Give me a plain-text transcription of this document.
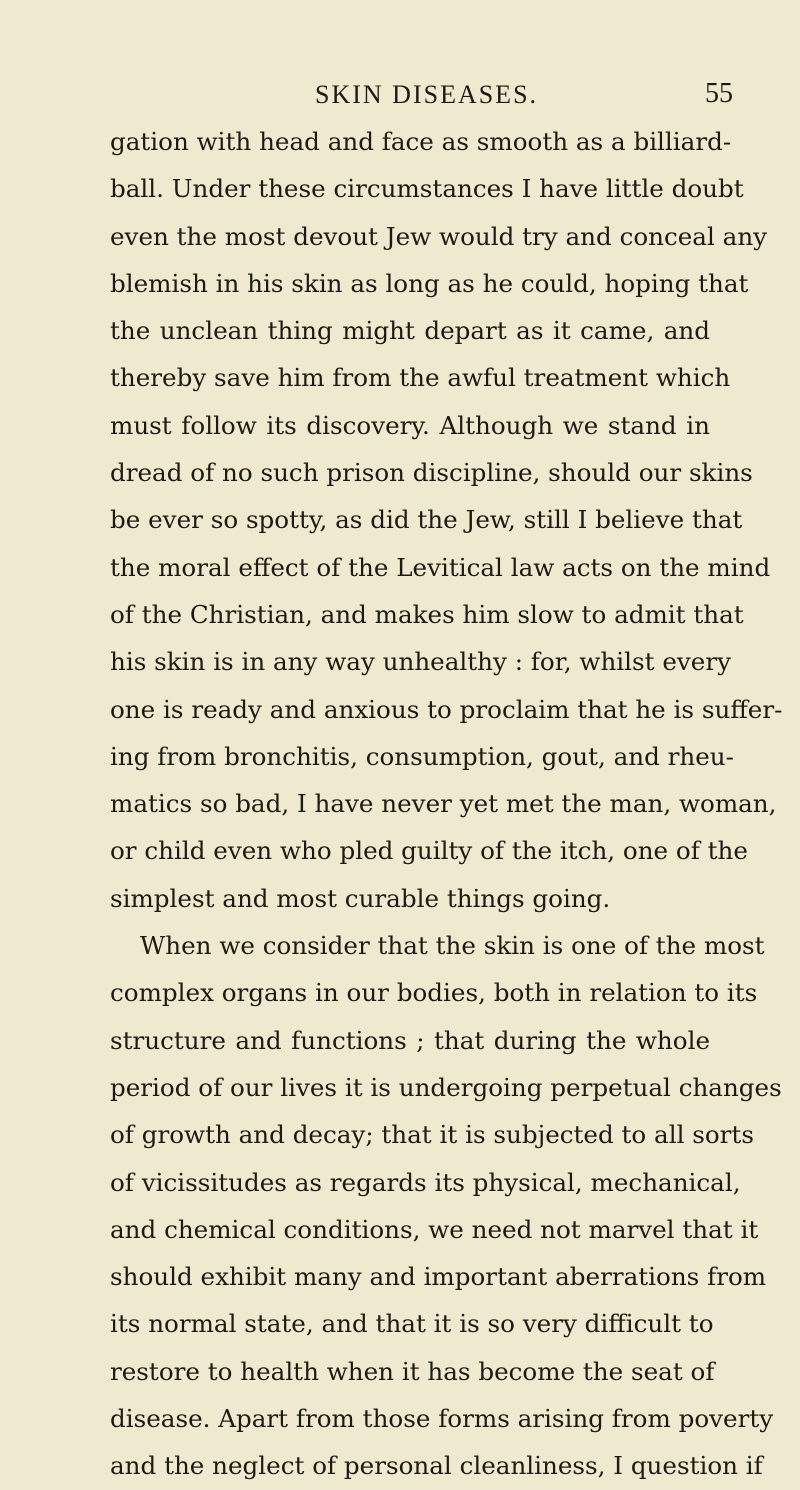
SKIN DISEASES.	55
gation with head and face as smooth as a billiard-
ball. Under these circumstances I have little doubt
even the most devout Jew would try and conceal any
blemish in his skin as long as he could, hoping that
the unclean thing might depart as it came, and
thereby save him from the awful treatment which
must follow its discovery. Although we stand in
dread of no such prison discipline, should our skins
be ever so spotty, as did the Jew, still I believe that
the moral effect of the Levitical law acts on the mind
of the Christian, and makes him slow to admit that
his skin is in any way unhealthy : for, whilst every
one is ready and anxious to proclaim that he is suffer-
ing from bronchitis, consumption, gout, and rheu-
matics so bad, I have never yet met the man, woman,
or child even who pled guilty of the itch, one of the
simplest and most curable things going.
When we consider that the skin is one of the most
complex organs in our bodies, both in relation to its
structure and functions ; that during the whole
period of our lives it is undergoing perpetual changes
of growth and decay; that it is subjected to all sorts
of vicissitudes as regards its physical, mechanical,
and chemical conditions, we need not marvel that it
should exhibit many and important aberrations from
its normal state, and that it is so very difficult to
restore to health when it has become the seat of
disease. Apart from those forms arising from poverty
and the neglect of personal cleanliness, I question if
